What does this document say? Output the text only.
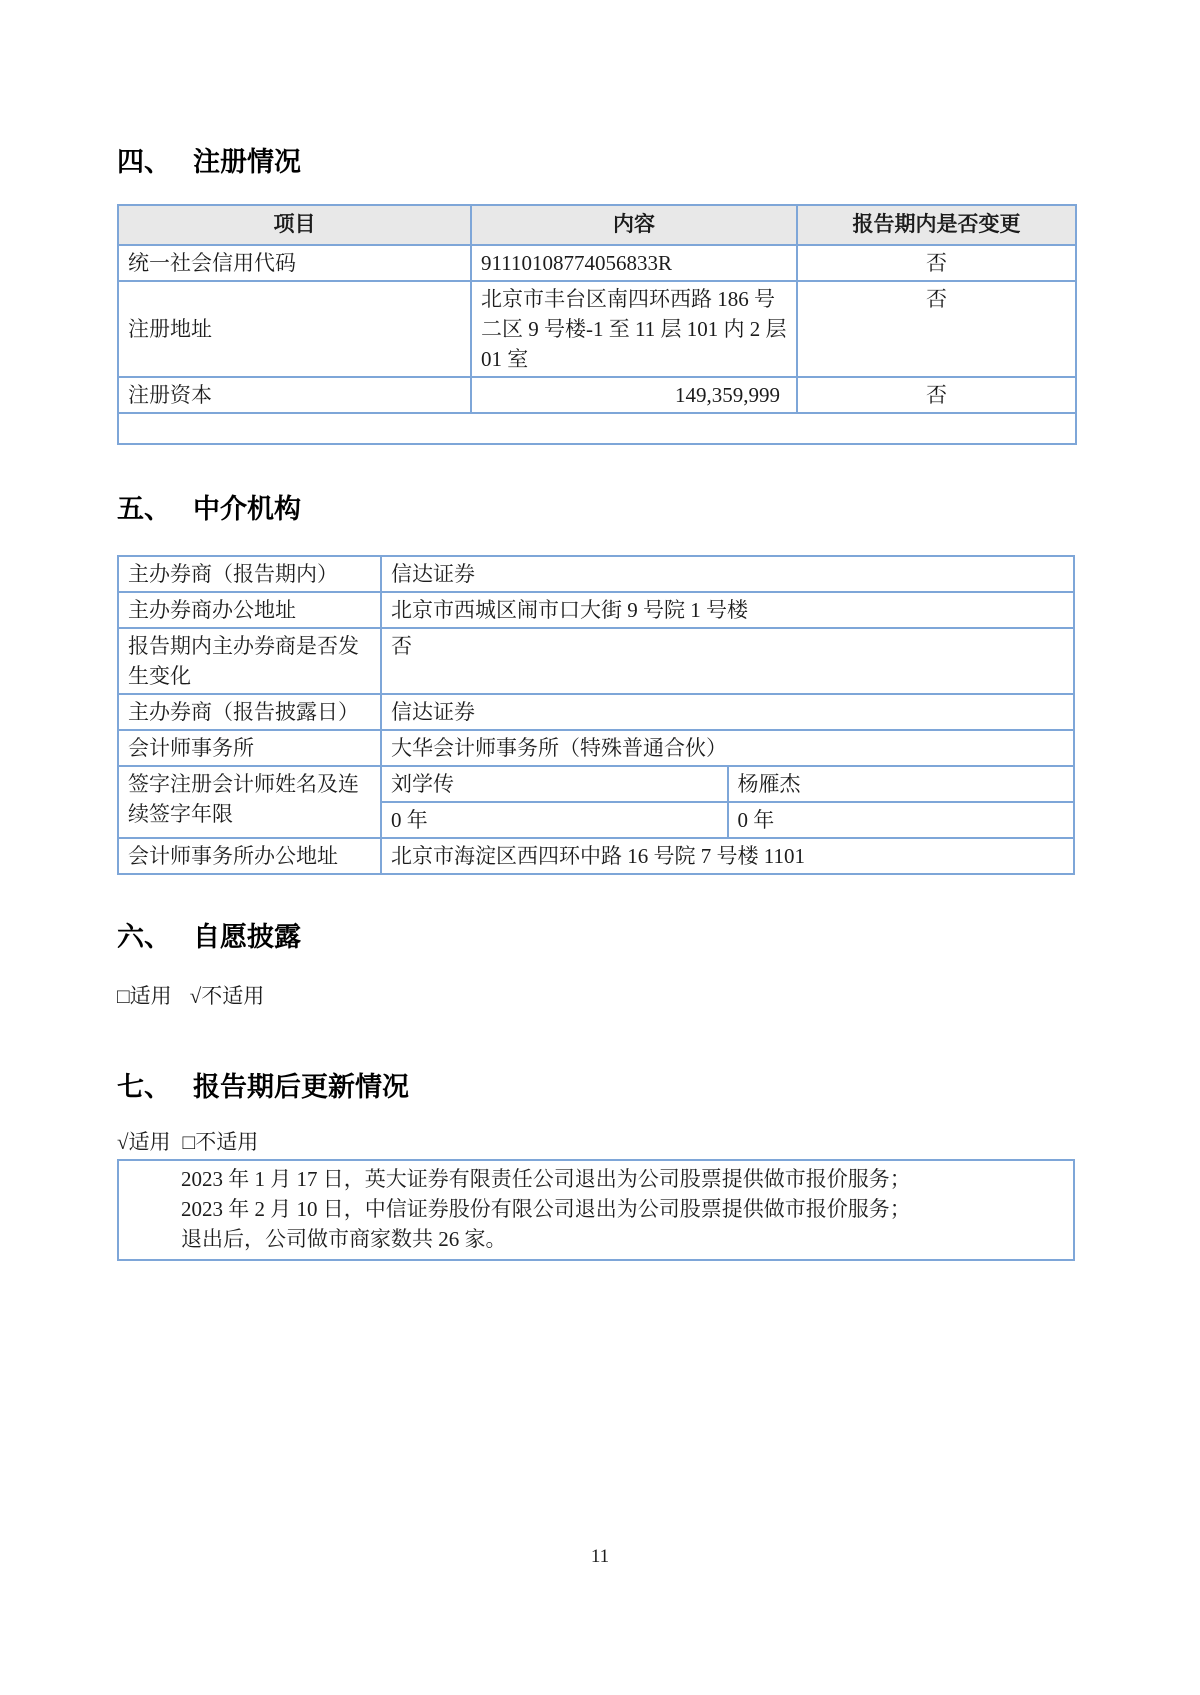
四、 注册情况
项目	内容	报告期内是否变更
统一社会信用代码	91110108774056833R	否
注册地址	北京市丰台区南四环西路 186 号二区 9 号楼-1 至 11 层 101 内 2 层 01 室	否
注册资本	149,359,999	否

五、 中介机构
主办券商（报告期内）	信达证券	
主办券商办公地址	北京市西城区闹市口大街 9 号院 1 号楼	
报告期内主办券商是否发生变化	否	
主办券商（报告披露日）	信达证券	
会计师事务所	大华会计师事务所（特殊普通合伙）	
签字注册会计师姓名及连续签字年限	刘学传	杨雁杰
	0 年	0 年
会计师事务所办公地址	北京市海淀区西四环中路 16 号院 7 号楼 1101	
六、 自愿披露
□适用 √不适用
七、 报告期后更新情况
√适用 □不适用
2023 年 1 月 17 日，英大证券有限责任公司退出为公司股票提供做市报价服务；
2023 年 2 月 10 日，中信证券股份有限公司退出为公司股票提供做市报价服务；
退出后，公司做市商家数共 26 家。
11
